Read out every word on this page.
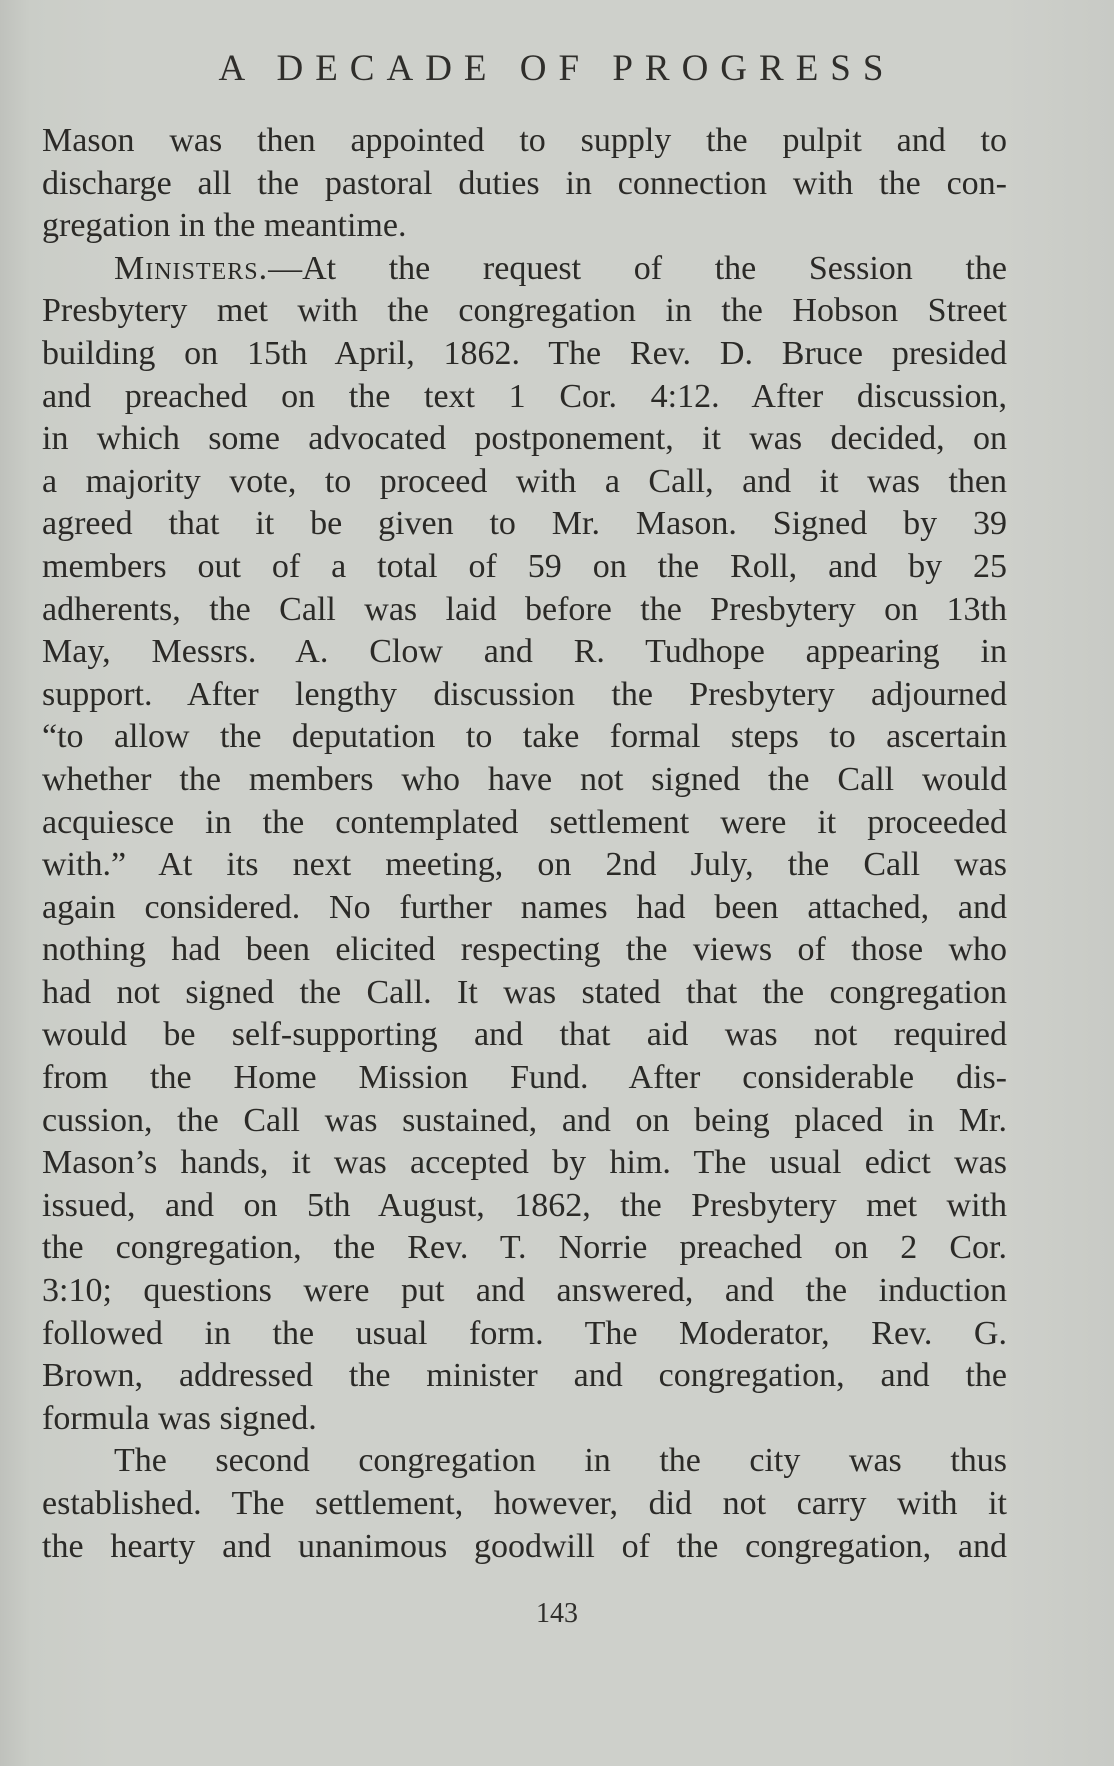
A DECADE OF PROGRESS
Mason was then appointed to supply the pulpit and to
discharge all the pastoral duties in connection with the con-
gregation in the meantime.
Ministers.—At the request of the Session the
Presbytery met with the congregation in the Hobson Street
building on 15th April, 1862. The Rev. D. Bruce presided
and preached on the text 1 Cor. 4:12. After discussion,
in which some advocated postponement, it was decided, on
a majority vote, to proceed with a Call, and it was then
agreed that it be given to Mr. Mason. Signed by 39
members out of a total of 59 on the Roll, and by 25
adherents, the Call was laid before the Presbytery on 13th
May, Messrs. A. Clow and R. Tudhope appearing in
support. After lengthy discussion the Presbytery adjourned
“to allow the deputation to take formal steps to ascertain
whether the members who have not signed the Call would
acquiesce in the contemplated settlement were it proceeded
with.” At its next meeting, on 2nd July, the Call was
again considered. No further names had been attached, and
nothing had been elicited respecting the views of those who
had not signed the Call. It was stated that the congregation
would be self-supporting and that aid was not required
from the Home Mission Fund. After considerable dis-
cussion, the Call was sustained, and on being placed in Mr.
Mason’s hands, it was accepted by him. The usual edict was
issued, and on 5th August, 1862, the Presbytery met with
the congregation, the Rev. T. Norrie preached on 2 Cor.
3:10; questions were put and answered, and the induction
followed in the usual form. The Moderator, Rev. G.
Brown, addressed the minister and congregation, and the
formula was signed.
The second congregation in the city was thus
established. The settlement, however, did not carry with it
the hearty and unanimous goodwill of the congregation, and
143
